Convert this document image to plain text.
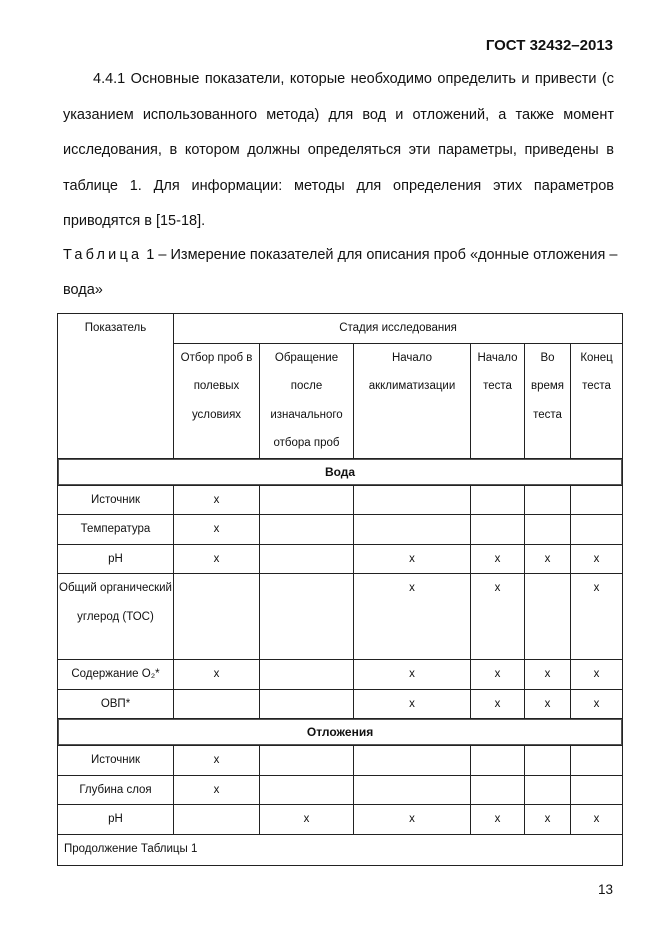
ГОСТ 32432–2013
4.4.1 Основные показатели, которые необходимо определить и привести (с указанием использованного метода) для вод и отложений, а также момент исследования, в котором должны определяться эти параметры, приведены в таблице 1. Для информации: методы для определения этих параметров приводятся в [15-18].
Таблица 1 – Измерение показателей для описания проб «донные отложения – вода»
Показатель	Стадия исследования					
	Отбор проб в полевых условиях	Обращение после изначального отбора проб	Начало акклиматизации	Начало теста	Во время теста	Конец теста
Вода						
Источник	x					
Температура	x					
pH	x		x	x	x	x
Общий органический углерод (ТОС)			x	x		x
Содержание O₂*	x		x	x	x	x
ОВП*			x	x	x	x
Отложения						
Источник	x					
Глубина слоя	x					
pH		x	x	x	x	x
Продолжение Таблицы 1						
13
